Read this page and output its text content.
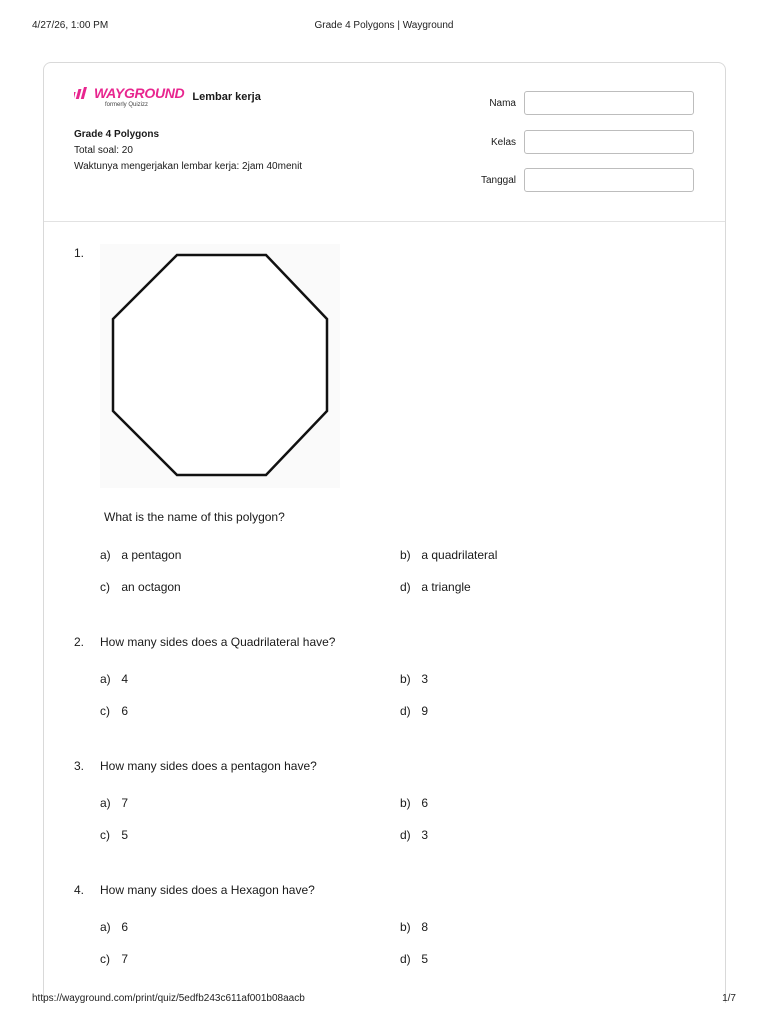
4/27/26, 1:00 PM	Grade 4 Polygons | Wayground
WAYGROUND
formerly Quizizz
Lembar kerja
Grade 4 Polygons
Total soal: 20
Waktunya mengerjakan lembar kerja: 2jam 40menit
Nama
Kelas
Tanggal
1.
What is the name of this polygon?
a) a pentagon	b) a quadrilateral
c) an octagon	d) a triangle
2. How many sides does a Quadrilateral have?
a) 4	b) 3
c) 6	d) 9
3. How many sides does a pentagon have?
a) 7	b) 6
c) 5	d) 3
4. How many sides does a Hexagon have?
a) 6	b) 8
c) 7	d) 5
https://wayground.com/print/quiz/5edfb243c611af001b08aacb	1/7
